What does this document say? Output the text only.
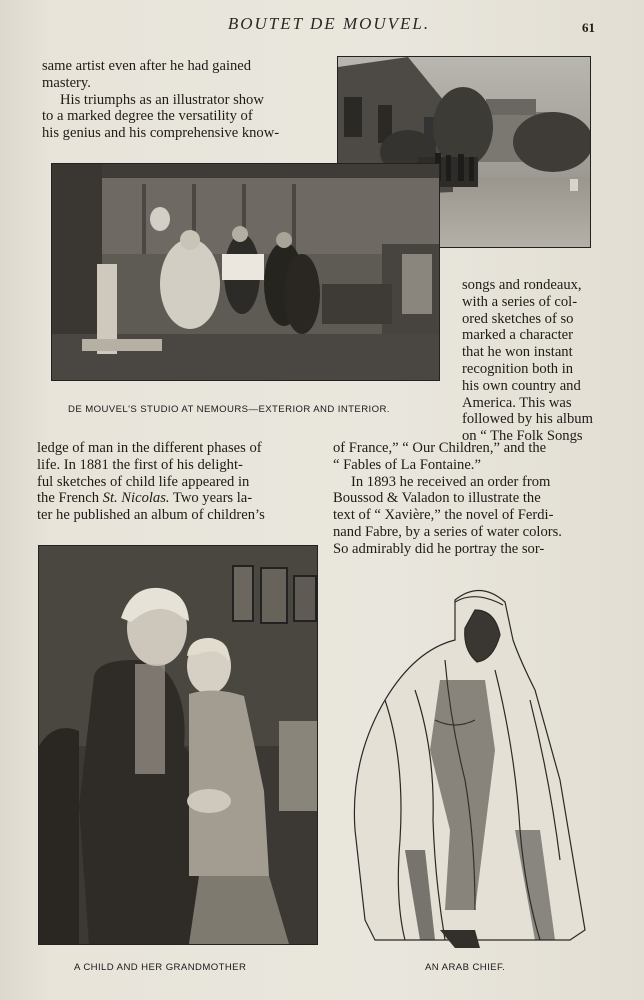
BOUTET DE MOUVEL.	61
same artist even after he had gained
mastery.
His triumphs as an illustrator show
to a marked degree the versatility of
his genius and his comprehensive know-
songs and rondeaux,
with a series of col-
ored sketches of so
marked a character
that he won instant
recognition both in
his own country and
America. This was
followed by his album
on “ The Folk Songs
DE MOUVEL'S STUDIO AT NEMOURS—EXTERIOR AND INTERIOR.
ledge of man in the different phases of
life. In 1881 the first of his delight-
ful sketches of child life appeared in
the French St. Nicolas. Two years la-
ter he published an album of children’s
of France,” “ Our Children,” and the
“ Fables of La Fontaine.”
In 1893 he received an order from
Boussod & Valadon to illustrate the
text of “ Xavière,” the novel of Ferdi-
nand Fabre, by a series of water colors.
So admirably did he portray the sor-
A CHILD AND HER GRANDMOTHER	AN ARAB CHIEF.
